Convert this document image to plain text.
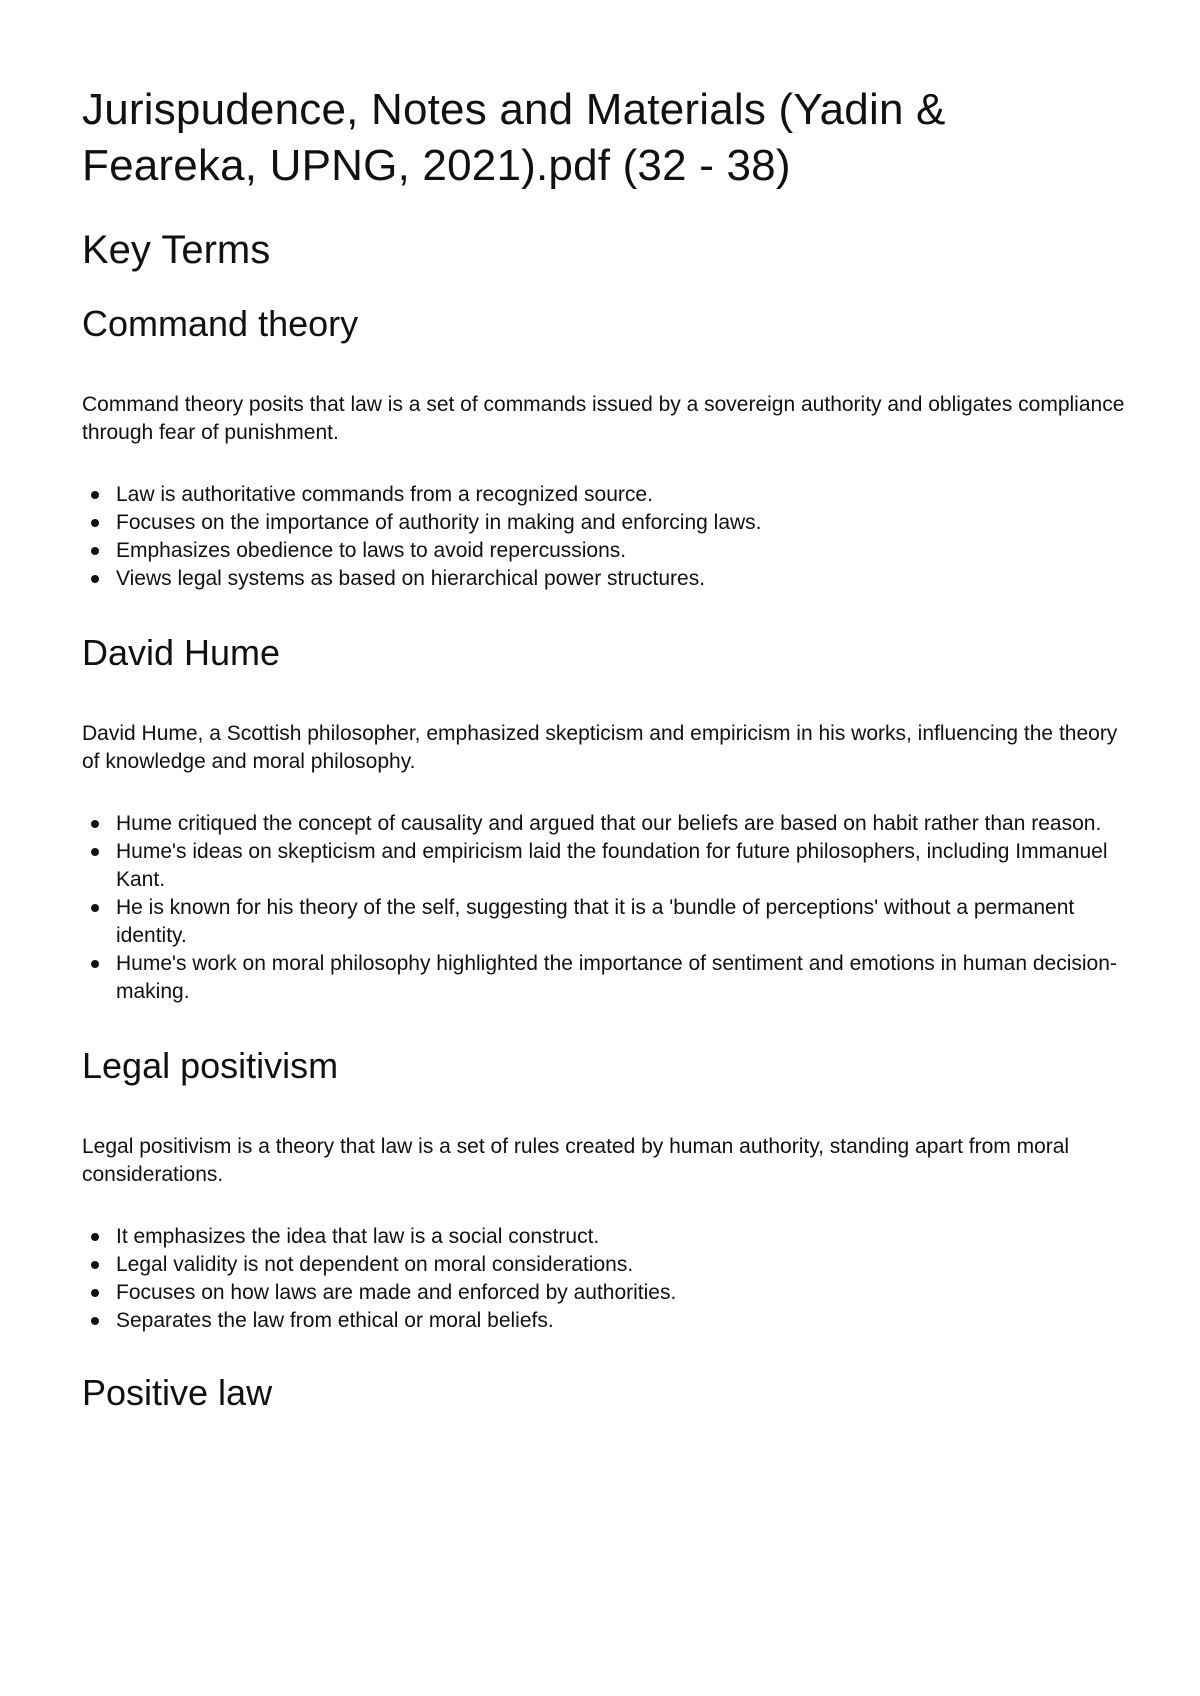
Jurispudence, Notes and Materials (Yadin & Feareka, UPNG, 2021).pdf (32 - 38)
Key Terms
Command theory

Command theory posits that law is a set of commands issued by a sovereign authority and obligates compliance through fear of punishment.

Law is authoritative commands from a recognized source.
Focuses on the importance of authority in making and enforcing laws.
Emphasizes obedience to laws to avoid repercussions.
Views legal systems as based on hierarchical power structures.
David Hume

David Hume, a Scottish philosopher, emphasized skepticism and empiricism in his works, influencing the theory of knowledge and moral philosophy.

Hume critiqued the concept of causality and argued that our beliefs are based on habit rather than reason.
Hume's ideas on skepticism and empiricism laid the foundation for future philosophers, including Immanuel Kant.
He is known for his theory of the self, suggesting that it is a 'bundle of perceptions' without a permanent identity.
Hume's work on moral philosophy highlighted the importance of sentiment and emotions in human decision-making.
Legal positivism

Legal positivism is a theory that law is a set of rules created by human authority, standing apart from moral considerations.

It emphasizes the idea that law is a social construct.
Legal validity is not dependent on moral considerations.
Focuses on how laws are made and enforced by authorities.
Separates the law from ethical or moral beliefs.
Positive law
